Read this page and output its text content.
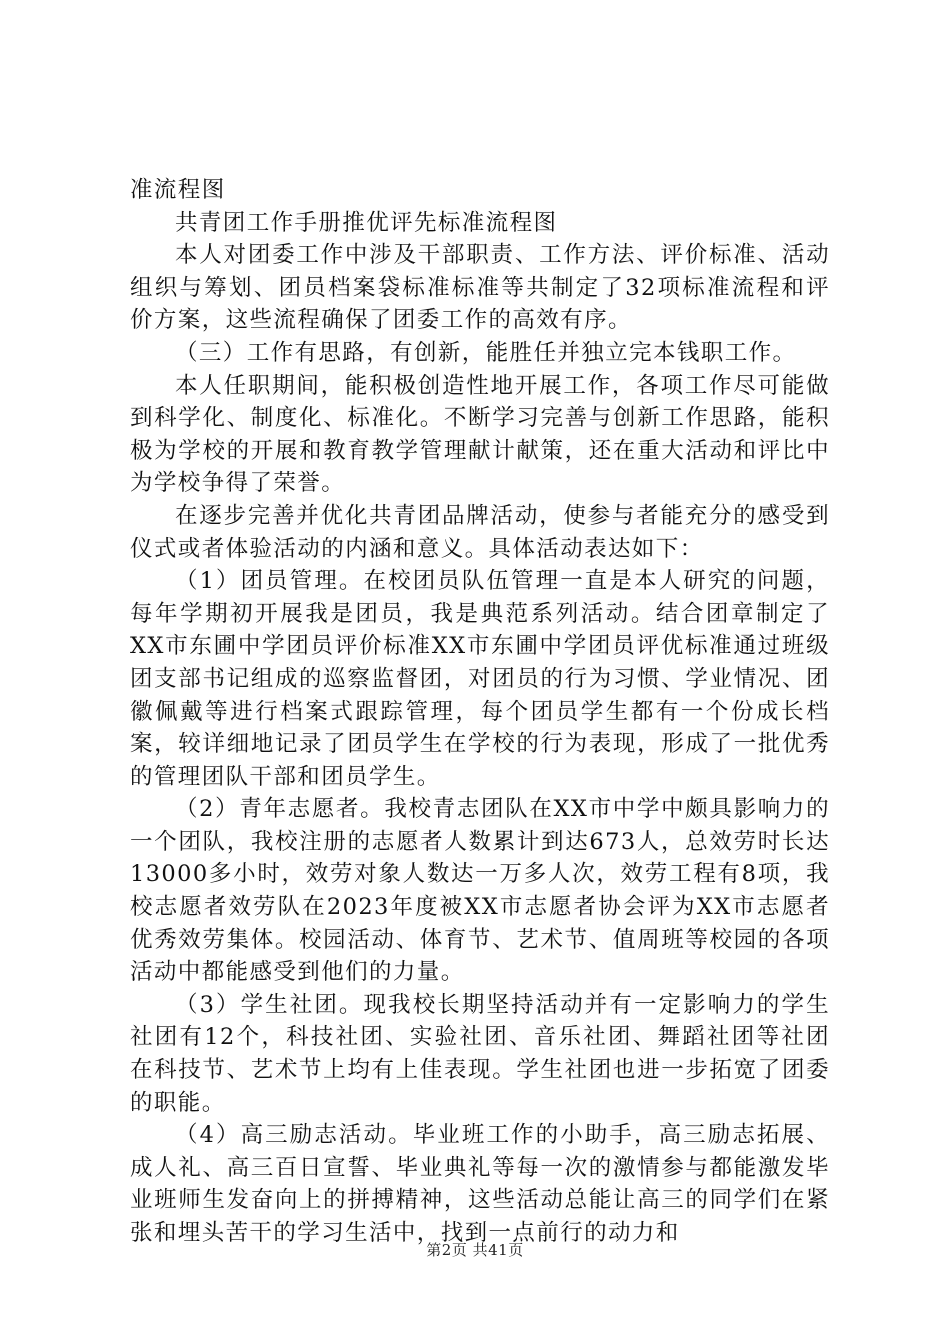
准流程图

共青团工作手册推优评先标准流程图

本人对团委工作中涉及干部职责、工作方法、评价标准、活动组织与筹划、团员档案袋标准标准等共制定了32项标准流程和评价方案，这些流程确保了团委工作的高效有序。

（三）工作有思路，有创新，能胜任并独立完本钱职工作。

本人任职期间，能积极创造性地开展工作，各项工作尽可能做到科学化、制度化、标准化。不断学习完善与创新工作思路，能积极为学校的开展和教育教学管理献计献策，还在重大活动和评比中为学校争得了荣誉。

在逐步完善并优化共青团品牌活动，使参与者能充分的感受到仪式或者体验活动的内涵和意义。具体活动表达如下：

（1）团员管理。在校团员队伍管理一直是本人研究的问题，每年学期初开展我是团员，我是典范系列活动。结合团章制定了XX市东圃中学团员评价标准XX市东圃中学团员评优标准通过班级团支部书记组成的巡察监督团，对团员的行为习惯、学业情况、团徽佩戴等进行档案式跟踪管理，每个团员学生都有一个份成长档案，较详细地记录了团员学生在学校的行为表现，形成了一批优秀的管理团队干部和团员学生。

（2）青年志愿者。我校青志团队在XX市中学中颇具影响力的一个团队，我校注册的志愿者人数累计到达673人，总效劳时长达13000多小时，效劳对象人数达一万多人次，效劳工程有8项，我校志愿者效劳队在2023年度被XX市志愿者协会评为XX市志愿者优秀效劳集体。校园活动、体育节、艺术节、值周班等校园的各项活动中都能感受到他们的力量。

（3）学生社团。现我校长期坚持活动并有一定影响力的学生社团有12个，科技社团、实验社团、音乐社团、舞蹈社团等社团在科技节、艺术节上均有上佳表现。学生社团也进一步拓宽了团委的职能。

（4）高三励志活动。毕业班工作的小助手，高三励志拓展、成人礼、高三百日宣誓、毕业典礼等每一次的激情参与都能激发毕业班师生发奋向上的拼搏精神，这些活动总能让高三的同学们在紧张和埋头苦干的学习生活中，找到一点前行的动力和

第2页 共41页
